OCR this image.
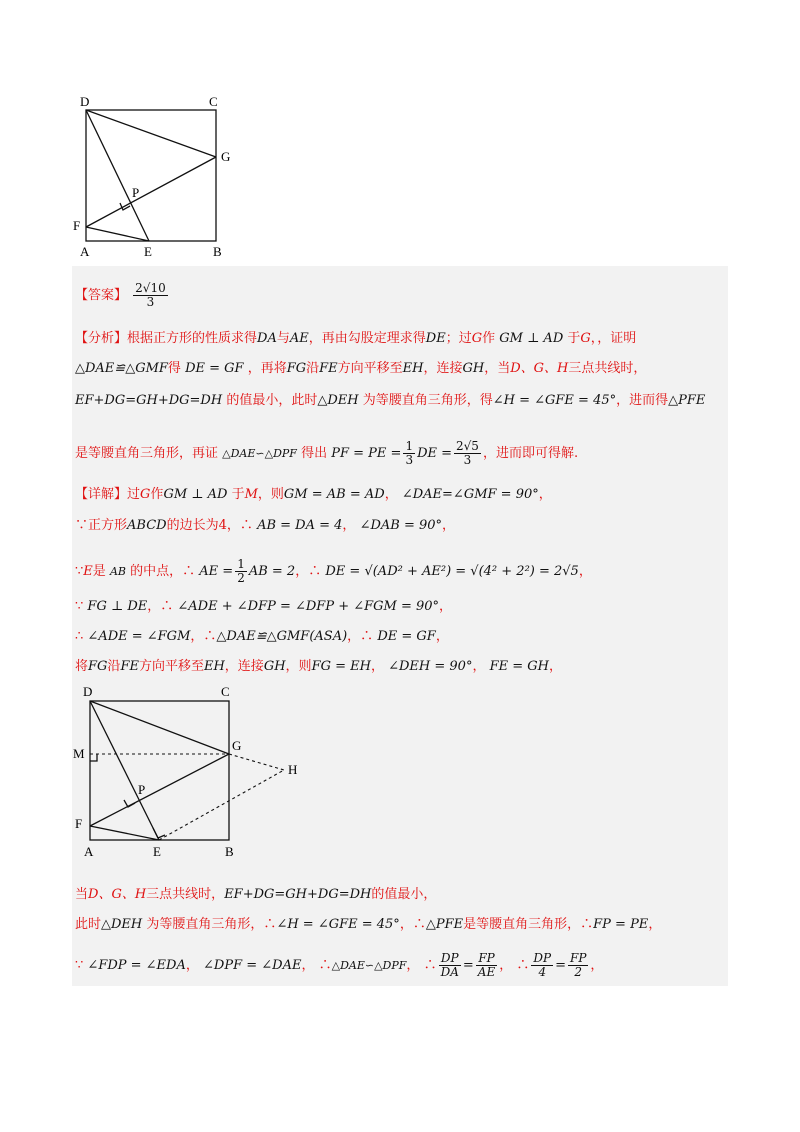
D	C
G
P
F
A	E	B
【答案】 $\frac{2√10}{3}$
【分析】根据正方形的性质求得DA与AE，再由勾股定理求得DE；过G作 GM ⊥ AD 于G，，证明
△DAE≌△GMF得 DE = GF ，再将FG沿FE方向平移至EH，连接GH，当D、G、H三点共线时，
EF+DG=GH+DG=DH 的值最小，此时△DEH 为等腰直角三角形，得∠H = ∠GFE = 45°，进而得△PFE
是等腰直角三角形，再证 △DAE∽△DPF 得出 PF = PE = $\frac{1}{3}$ DE = $\frac{2√5}{3}$ ，进而即可得解.
【详解】过G作GM ⊥ AD 于M，则GM = AB = AD， ∠DAE=∠GMF = 90°，
∵正方形ABCD的边长为4，∴ AB = DA = 4， ∠DAB = 90°，
∵E是 AB 的中点，∴ AE = $\frac{1}{2}$ AB = 2，∴ DE = √(AD² + AE²) = √(4² + 2²) = 2√5，
∵ FG ⊥ DE，∴ ∠ADE + ∠DFP = ∠DFP + ∠FGM = 90°，
∴ ∠ADE = ∠FGM，∴△DAE≌△GMF(ASA)，∴ DE = GF，
将FG沿FE方向平移至EH，连接GH，则FG = EH， ∠DEH = 90°， FE = GH，
D	C
M
G
H
P
F
A	E	B
当D、G、H三点共线时，EF+DG=GH+DG=DH的值最小，
此时△DEH 为等腰直角三角形，∴∠H = ∠GFE = 45°，∴△PFE是等腰直角三角形，∴FP = PE，
∵ ∠FDP = ∠EDA， ∠DPF = ∠DAE， ∴△DAE∽△DPF， ∴ $\frac{DP}{DA} = \frac{FP}{AE}$ ， ∴ $\frac{DP}{4} = \frac{FP}{2}$ ，
